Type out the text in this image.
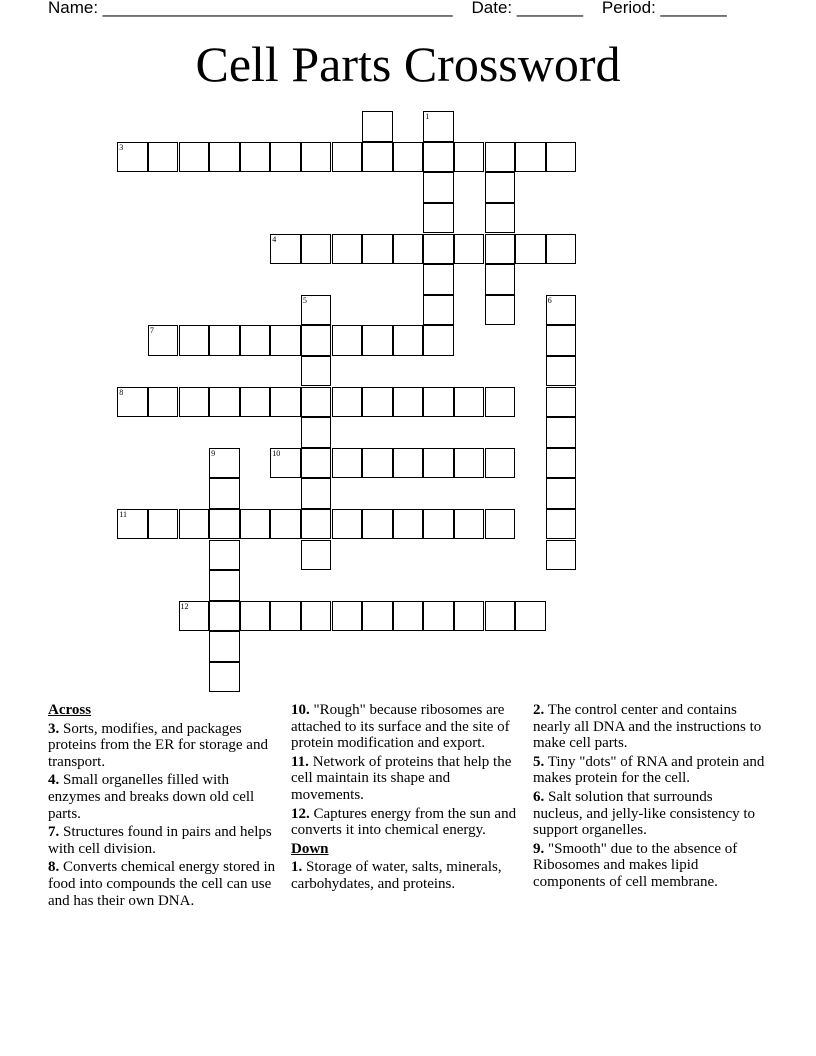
Name: _____________________________________    Date: _______    Period: _______
Cell Parts Crossword
1
3
4
5	6
7
8
9	10
11
12
Across
3. Sorts, modifies, and packages proteins from the ER for storage and transport.
4. Small organelles filled with enzymes and breaks down old cell parts.
7. Structures found in pairs and helps with cell division.
8. Converts chemical energy stored in food into compounds the cell can use and has their own DNA.
10. "Rough" because ribosomes are attached to its surface and the site of protein modification and export.
11. Network of proteins that help the cell maintain its shape and movements.
12. Captures energy from the sun and converts it into chemical energy.
Down
1. Storage of water, salts, minerals, carbohydates, and proteins.
2. The control center and contains nearly all DNA and the instructions to make cell parts.
5. Tiny "dots" of RNA and protein and makes protein for the cell.
6. Salt solution that surrounds nucleus, and jelly-like consistency to support organelles.
9. "Smooth" due to the absence of Ribosomes and makes lipid components of cell membrane.
